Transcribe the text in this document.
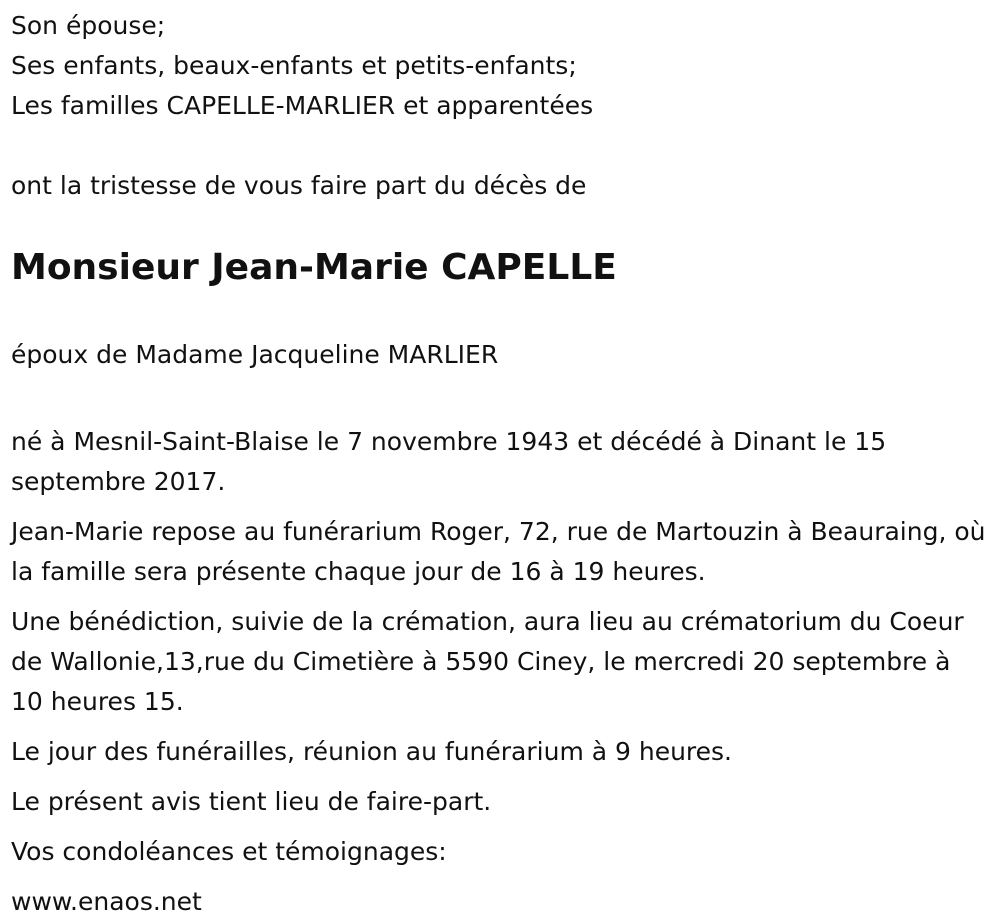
Son épouse;

Ses enfants, beaux-enfants et petits-enfants;

Les familles CAPELLE-MARLIER et apparentées

ont la tristesse de vous faire part du décès de

Monsieur Jean-Marie CAPELLE

époux de Madame Jacqueline MARLIER

né à Mesnil-Saint-Blaise le 7 novembre 1943 et décédé à Dinant le 15 septembre 2017.

Jean-Marie repose au funérarium Roger, 72, rue de Martouzin à Beauraing, où la famille sera présente chaque jour de 16 à 19 heures.

Une bénédiction, suivie de la crémation, aura lieu au crématorium du Coeur de Wallonie,13,rue du Cimetière à 5590 Ciney, le mercredi 20 septembre à 10 heures 15.

Le jour des funérailles, réunion au funérarium à 9 heures.

Le présent avis tient lieu de faire-part.

Vos condoléances et témoignages:

www.enaos.net
